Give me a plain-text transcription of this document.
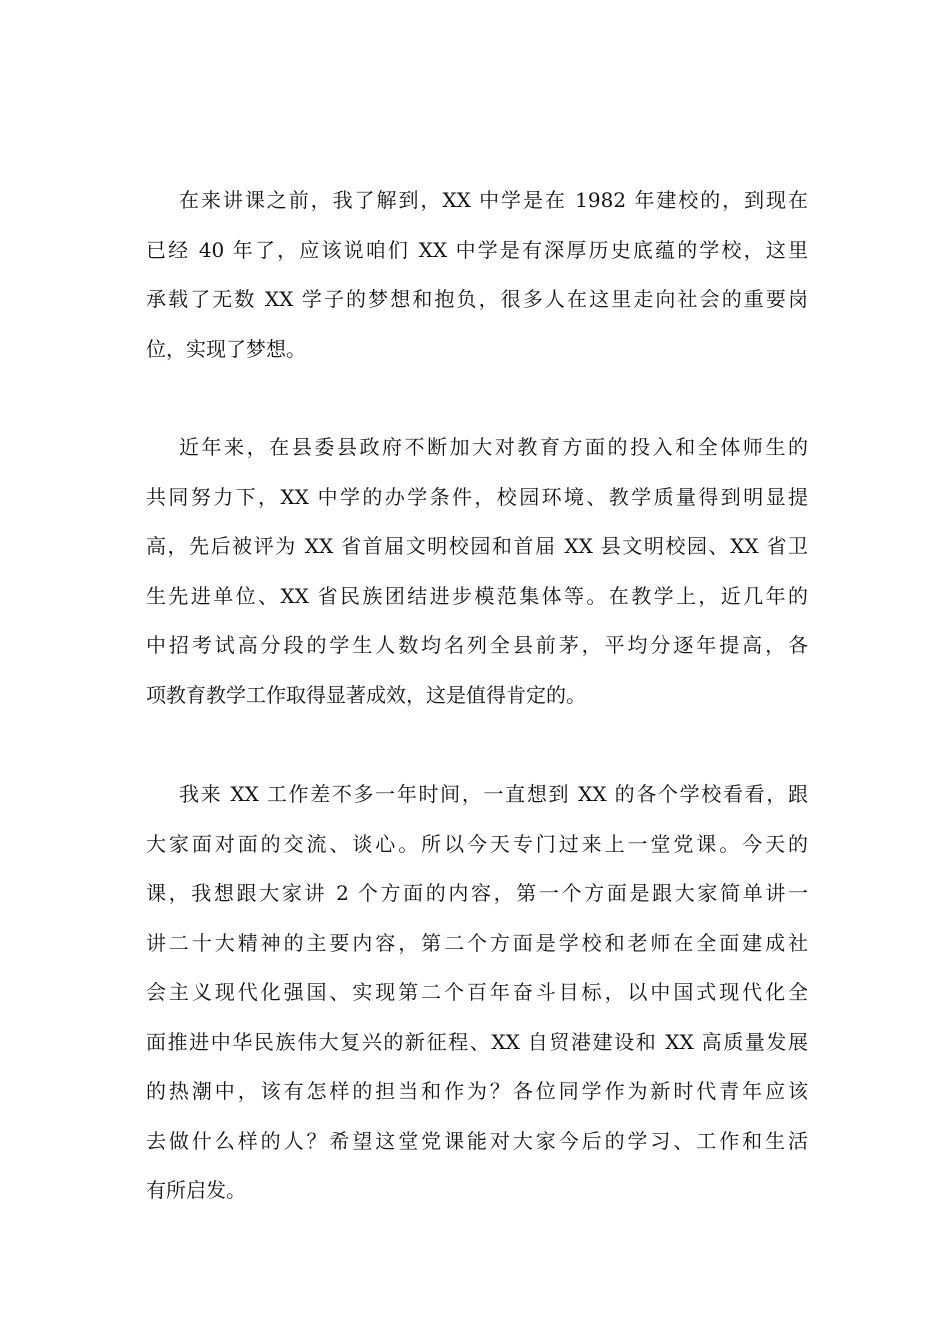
在来讲课之前，我了解到，XX 中学是在 1982 年建校的，到现在
已经 40 年了，应该说咱们 XX 中学是有深厚历史底蕴的学校，这里
承载了无数 XX 学子的梦想和抱负，很多人在这里走向社会的重要岗
位，实现了梦想。

近年来，在县委县政府不断加大对教育方面的投入和全体师生的
共同努力下，XX 中学的办学条件，校园环境、教学质量得到明显提
高，先后被评为 XX 省首届文明校园和首届 XX 县文明校园、XX 省卫
生先进单位、XX 省民族团结进步模范集体等。在教学上，近几年的
中招考试高分段的学生人数均名列全县前茅，平均分逐年提高，各
项教育教学工作取得显著成效，这是值得肯定的。

我来 XX 工作差不多一年时间，一直想到 XX 的各个学校看看，跟
大家面对面的交流、谈心。所以今天专门过来上一堂党课。今天的
课，我想跟大家讲 2 个方面的内容，第一个方面是跟大家简单讲一
讲二十大精神的主要内容，第二个方面是学校和老师在全面建成社
会主义现代化强国、实现第二个百年奋斗目标，以中国式现代化全
面推进中华民族伟大复兴的新征程、XX 自贸港建设和 XX 高质量发展
的热潮中，该有怎样的担当和作为？各位同学作为新时代青年应该
去做什么样的人？希望这堂党课能对大家今后的学习、工作和生活
有所启发。
